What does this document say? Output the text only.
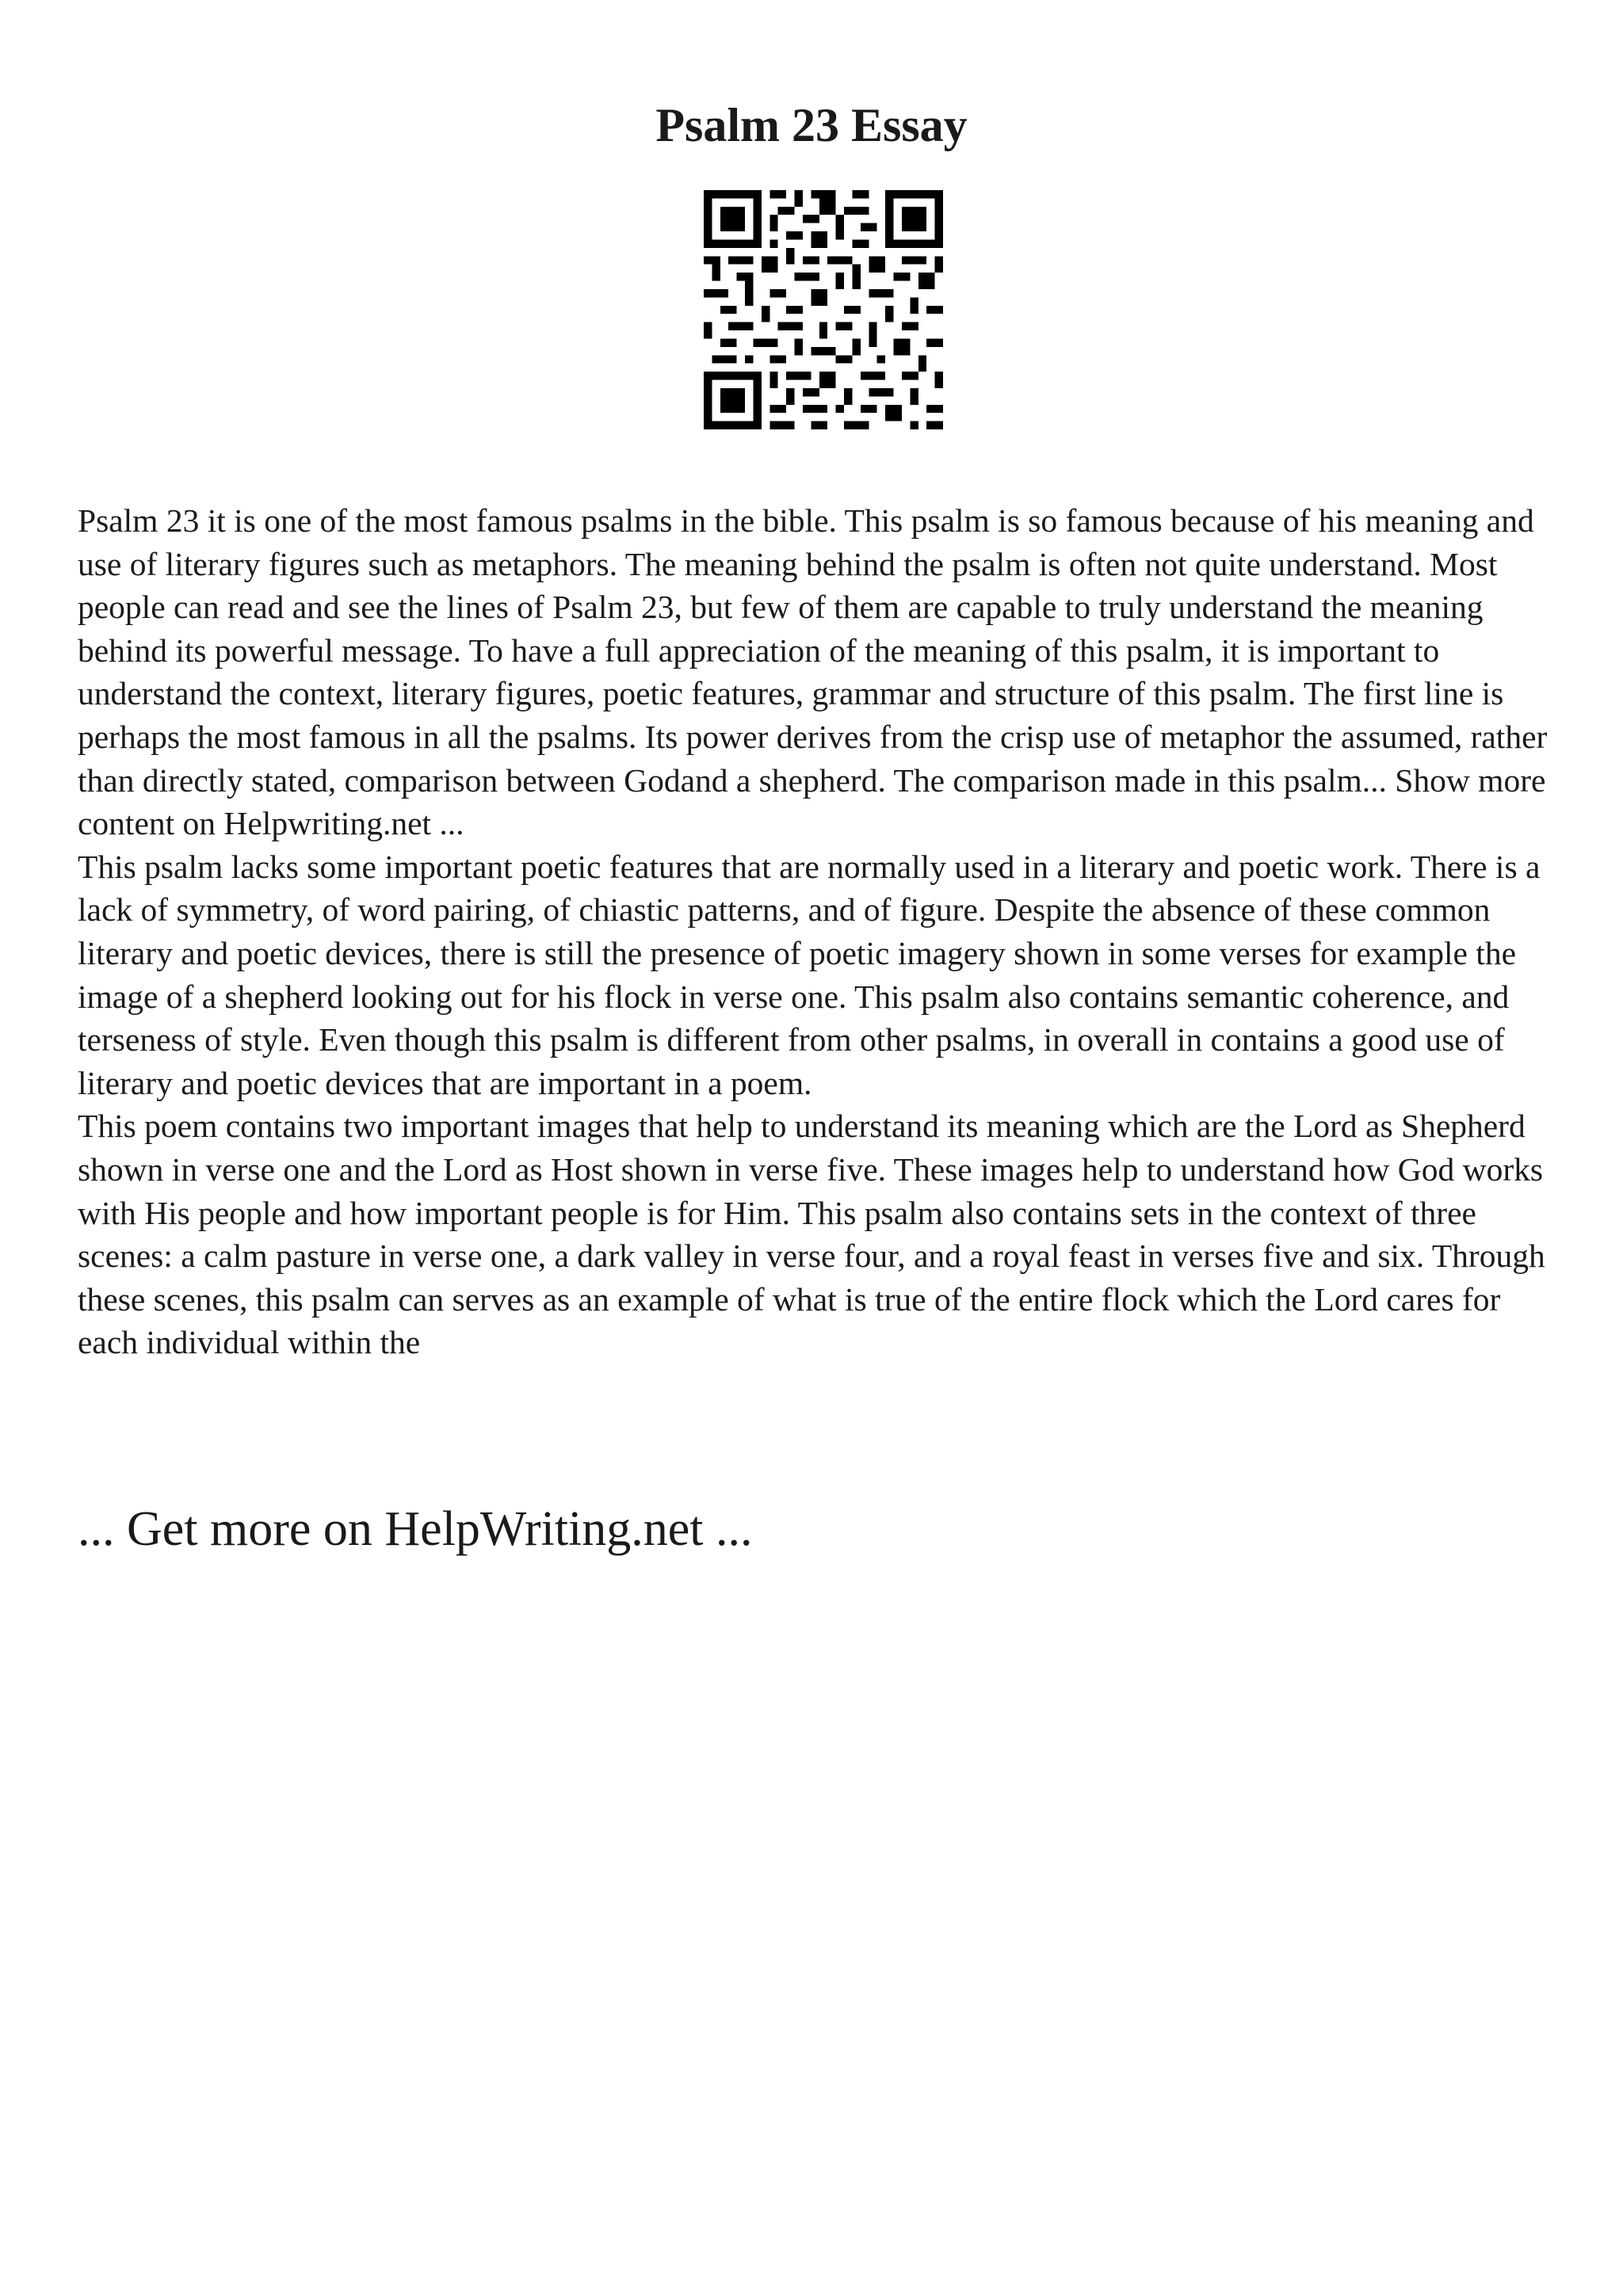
Psalm 23 Essay

Psalm 23 it is one of the most famous psalms in the bible. This psalm is so famous because of his meaning and use of literary figures such as metaphors. The meaning behind the psalm is often not quite understand. Most people can read and see the lines of Psalm 23, but few of them are capable to truly understand the meaning behind its powerful message. To have a full appreciation of the meaning of this psalm, it is important to understand the context, literary figures, poetic features, grammar and structure of this psalm. The first line is perhaps the most famous in all the psalms. Its power derives from the crisp use of metaphor the assumed, rather than directly stated, comparison between Godand a shepherd. The comparison made in this psalm... Show more content on Helpwriting.net ...

This psalm lacks some important poetic features that are normally used in a literary and poetic work. There is a lack of symmetry, of word pairing, of chiastic patterns, and of figure. Despite the absence of these common literary and poetic devices, there is still the presence of poetic imagery shown in some verses for example the image of a shepherd looking out for his flock in verse one. This psalm also contains semantic coherence, and terseness of style. Even though this psalm is different from other psalms, in overall in contains a good use of literary and poetic devices that are important in a poem.

This poem contains two important images that help to understand its meaning which are the Lord as Shepherd shown in verse one and the Lord as Host shown in verse five. These images help to understand how God works with His people and how important people is for Him. This psalm also contains sets in the context of three scenes: a calm pasture in verse one, a dark valley in verse four, and a royal feast in verses five and six. Through these scenes, this psalm can serves as an example of what is true of the entire flock which the Lord cares for each individual within the

... Get more on HelpWriting.net ...
